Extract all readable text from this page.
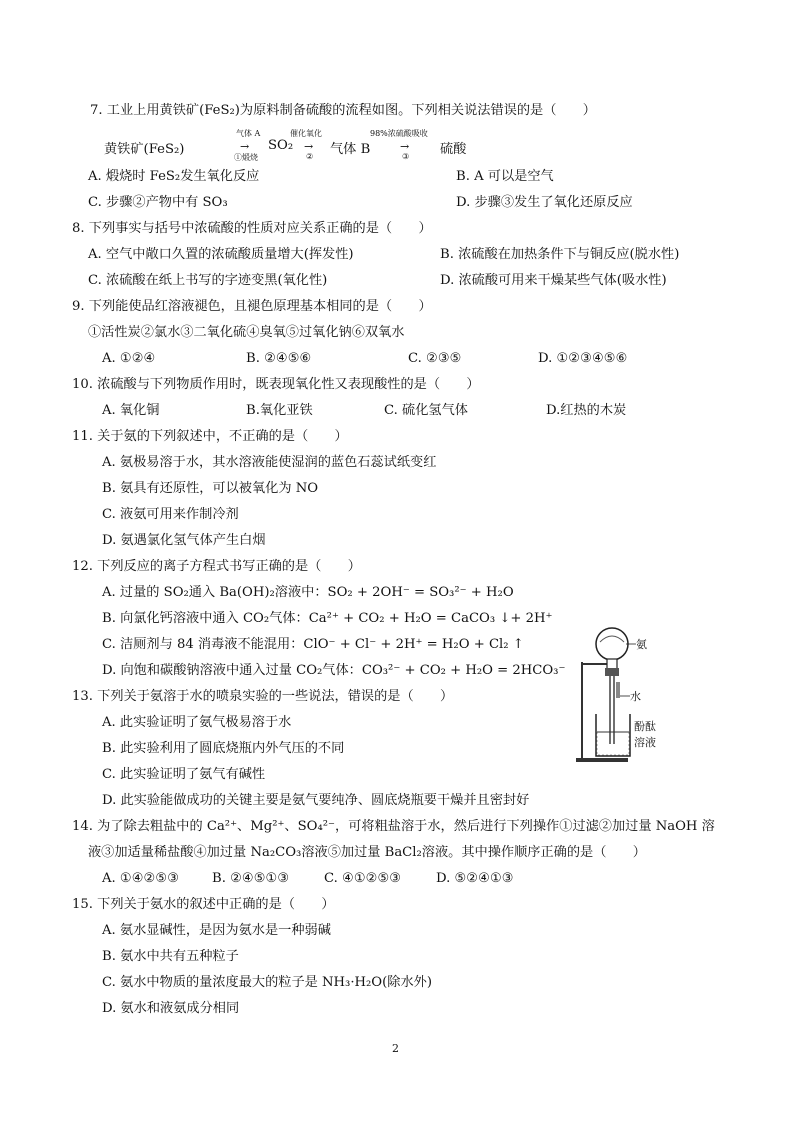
7. 工业上用黄铁矿(FeS₂)为原料制备硫酸的流程如图。下列相关说法错误的是（　　）
黄铁矿(FeS₂)
气体 A
→
①煅烧
SO₂
催化氧化
→
② 气体 B
98%浓硫酸吸收
→
③ 硫酸
A. 煅烧时 FeS₂发生氧化反应	B. A 可以是空气
C. 步骤②产物中有 SO₃	D. 步骤③发生了氧化还原反应
8. 下列事实与括号中浓硫酸的性质对应关系正确的是（　　）
A. 空气中敞口久置的浓硫酸质量增大(挥发性)	B. 浓硫酸在加热条件下与铜反应(脱水性)
C. 浓硫酸在纸上书写的字迹变黑(氧化性)	D. 浓硫酸可用来干燥某些气体(吸水性)
9. 下列能使品红溶液褪色，且褪色原理基本相同的是（　　）
①活性炭②氯水③二氧化硫④臭氧⑤过氧化钠⑥双氧水
A. ①②④	B. ②④⑤⑥	C. ②③⑤	D. ①②③④⑤⑥
10. 浓硫酸与下列物质作用时，既表现氧化性又表现酸性的是（　　）
A. 氧化铜	B.氧化亚铁	C. 硫化氢气体	D.红热的木炭
11. 关于氨的下列叙述中，不正确的是（　　）
A. 氨极易溶于水，其水溶液能使湿润的蓝色石蕊试纸变红
B. 氨具有还原性，可以被氧化为 NO
C. 液氨可用来作制冷剂
D. 氨遇氯化氢气体产生白烟
12. 下列反应的离子方程式书写正确的是（　　）
A. 过量的 SO₂通入 Ba(OH)₂溶液中：SO₂ + 2OH⁻ = SO₃²⁻ + H₂O
B. 向氯化钙溶液中通入 CO₂气体：Ca²⁺ + CO₂ + H₂O = CaCO₃ ↓+ 2H⁺
C. 洁厕剂与 84 消毒液不能混用：ClO⁻ + Cl⁻ + 2H⁺ = H₂O + Cl₂ ↑
D. 向饱和碳酸钠溶液中通入过量 CO₂气体：CO₃²⁻ + CO₂ + H₂O = 2HCO₃⁻
氨
水
酚酞
溶液
13. 下列关于氨溶于水的喷泉实验的一些说法，错误的是（　　）
A. 此实验证明了氨气极易溶于水
B. 此实验利用了圆底烧瓶内外气压的不同
C. 此实验证明了氨气有碱性
D. 此实验能做成功的关键主要是氨气要纯净、圆底烧瓶要干燥并且密封好
14. 为了除去粗盐中的 Ca²⁺、Mg²⁺、SO₄²⁻，可将粗盐溶于水，然后进行下列操作①过滤②加过量 NaOH 溶
液③加适量稀盐酸④加过量 Na₂CO₃溶液⑤加过量 BaCl₂溶液。其中操作顺序正确的是（　　）
A. ①④②⑤③ B. ②④⑤①③	C. ④①②⑤③	D. ⑤②④①③
15. 下列关于氨水的叙述中正确的是（　　）
A. 氨水显碱性，是因为氨水是一种弱碱
B. 氨水中共有五种粒子
C. 氨水中物质的量浓度最大的粒子是 NH₃·H₂O(除水外)
D. 氨水和液氨成分相同
2
